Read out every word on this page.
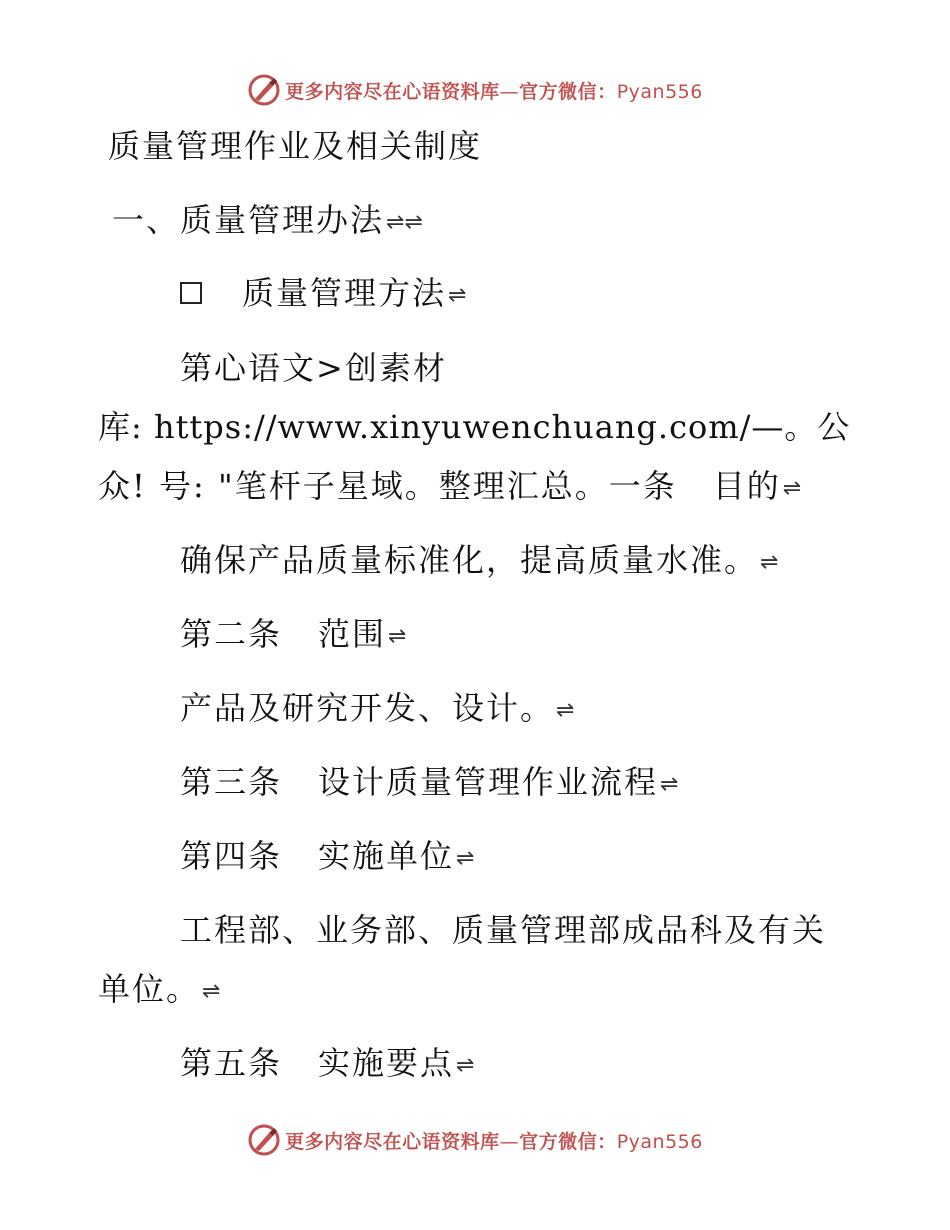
更多内容尽在心语资料库—官方微信：Pyan556
质量管理作业及相关制度
一、质量管理办法⇌⇌
质量管理方法⇌
第心语文>创素材
库: https://www.xinyuwenchuang.com/—。公
众! 号: "笔杆子星域。整理汇总。一条 目的⇌
确保产品质量标准化，提高质量水准。⇌
第二条 范围⇌
产品及研究开发、设计。⇌
第三条 设计质量管理作业流程⇌
第四条 实施单位⇌
工程部、业务部、质量管理部成品科及有关
单位。⇌
第五条 实施要点⇌
更多内容尽在心语资料库—官方微信：Pyan556
